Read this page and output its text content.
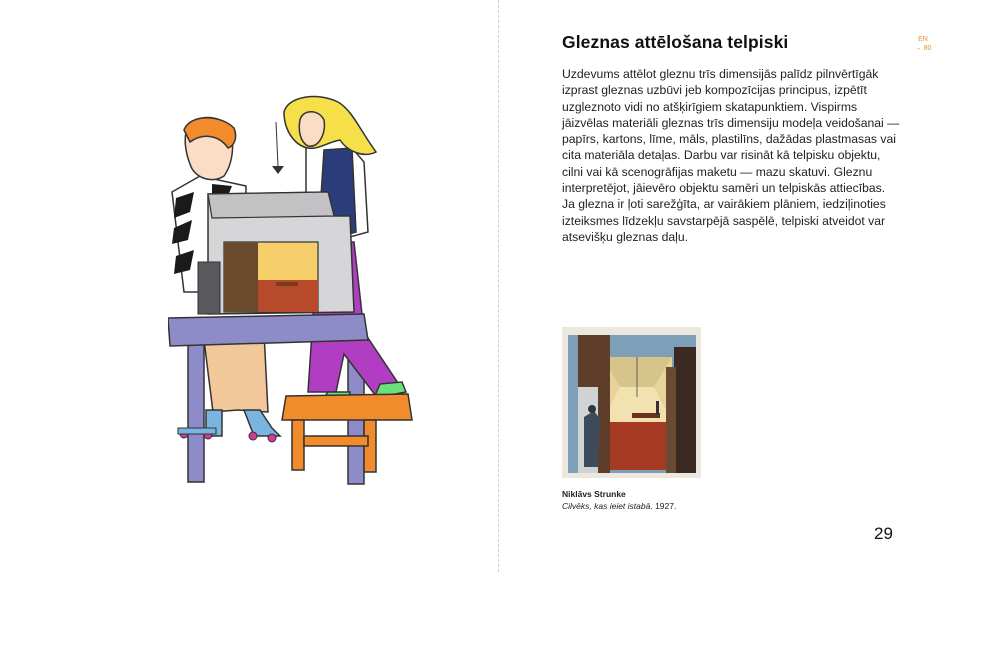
Gleznas attēlošana telpiski	EN
→ 80

Uzdevums attēlot gleznu trīs dimensijās palīdz pilnvērtīgāk izprast gleznas uzbūvi jeb kompozīcijas principus, izpētīt uzgleznoto vidi no atšķirīgiem skatapunktiem. Vispirms jāizvēlas materiāli gleznas trīs dimensiju modeļa veidošanai — papīrs, kartons, līme, māls, plastilīns, dažādas plastmasas vai cita materiāla detaļas. Darbu var risināt kā telpisku objektu, cilni vai kā scenogrāfijas maketu — mazu skatuvi. Gleznu interpretējot, jāievēro objektu samēri un telpiskās attiecības. Ja glezna ir ļoti sarežģīta, ar vairākiem plāniem, iedziļinoties izteiksmes līdzekļu savstarpējā saspēlē, telpiski atveidot var atsevišķu gleznas daļu.

Niklāvs Strunke
Cilvēks, kas ieiet istabā. 1927.
29
